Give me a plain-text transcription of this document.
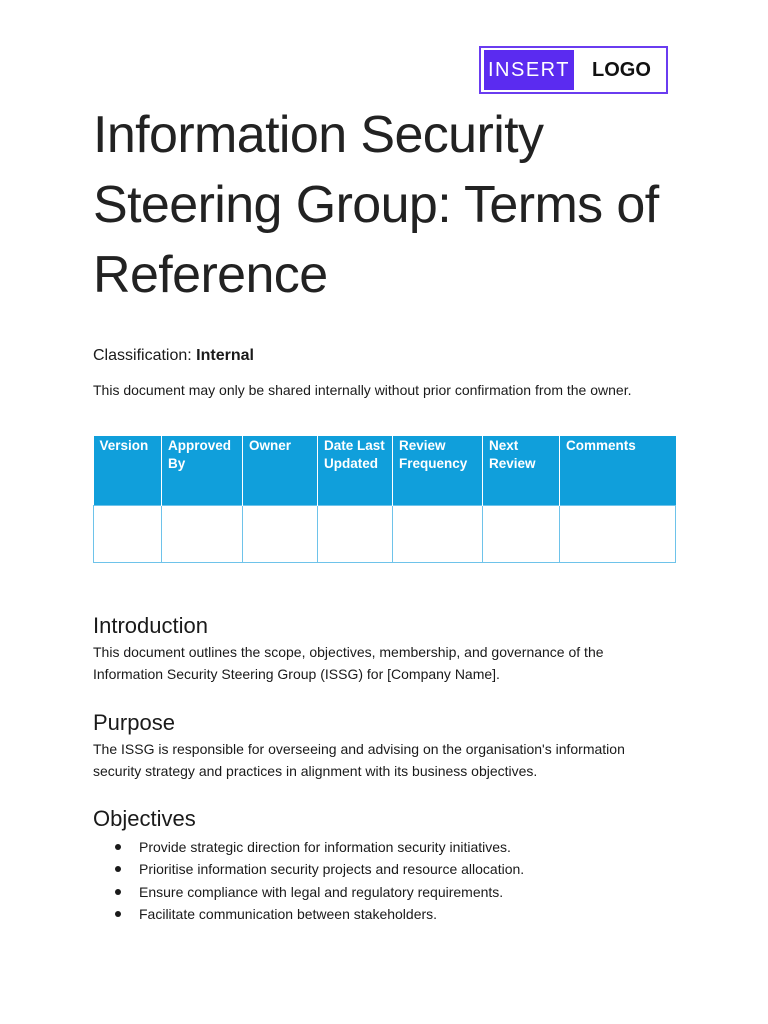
INSERT LOGO
Information Security Steering Group: Terms of Reference

Classification: Internal

This document may only be shared internally without prior confirmation from the owner.

Version	Approved By	Owner	Date Last Updated	Review Frequency	Next Review	Comments

Introduction

This document outlines the scope, objectives, membership, and governance of the Information Security Steering Group (ISSG) for [Company Name].

Purpose

The ISSG is responsible for overseeing and advising on the organisation's information security strategy and practices in alignment with its business objectives.

Objectives
Provide strategic direction for information security initiatives.
Prioritise information security projects and resource allocation.
Ensure compliance with legal and regulatory requirements.
Facilitate communication between stakeholders.
